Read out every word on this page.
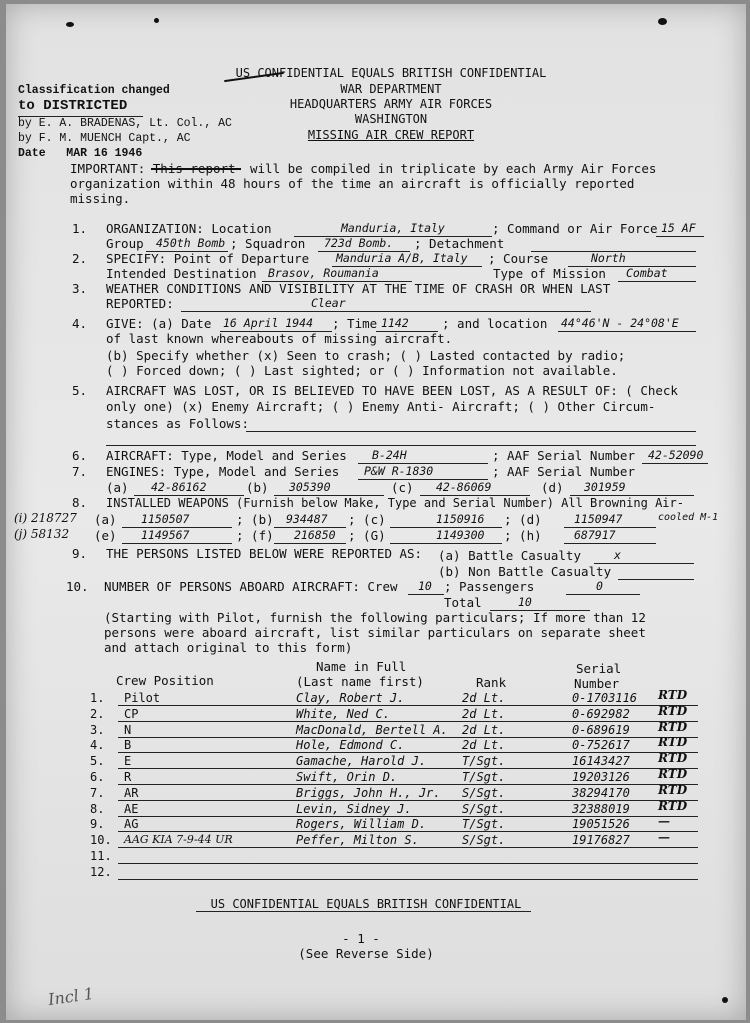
US CONFIDENTIAL EQUALS BRITISH CONFIDENTIAL
WAR DEPARTMENT
HEADQUARTERS ARMY AIR FORCES
WASHINGTON
MISSING AIR CREW REPORT
Classification changed
to DISTRICTED
by E. A. BRADENAS, Lt. Col., AC
by F. M. MUENCH Capt., AC
Date   MAR 16 1946
IMPORTANT: This report will be compiled in triplicate by each Army Air Forces
organization within 48 hours of the time an aircraft is officially reported
missing.
1. ORGANIZATION: Location	Manduria, Italy	; Command or Air Force 15 AF
Group 450th Bomb ; Squadron 723d Bomb. ; Detachment
2. SPECIFY: Point of Departure Manduria A/B, Italy ; Course	North
Intended Destination Brasov, Roumania	Type of Mission Combat
3. WEATHER CONDITIONS AND VISIBILITY AT THE TIME OF CRASH OR WHEN LAST
REPORTED:	Clear
4. GIVE: (a) Date 16 April 1944 ; Time 1142	; and location 44°46'N - 24°08'E
of last known whereabouts of missing aircraft.
(b) Specify whether (x) Seen to crash; ( ) Lasted contacted by radio;
( ) Forced down; ( ) Last sighted; or ( ) Information not available.
5. AIRCRAFT WAS LOST, OR IS BELIEVED TO HAVE BEEN LOST, AS A RESULT OF: ( Check
only one) (x) Enemy Aircraft; ( ) Enemy Anti- Aircraft; ( ) Other Circum-
stances as Follows:
6. AIRCRAFT: Type, Model and Series B-24H	; AAF Serial Number 42-52090
7. ENGINES: Type, Model and Series P&W R-1830	; AAF Serial Number
(a) 42-86162	(b) 305390	(c) 42-86069	(d) 301959
8. INSTALLED WEAPONS (Furnish below Make, Type and Serial Number) All Browning Air-
cooled M-1
(i) 218727
(j) 58132
(a) 1150507	; (b) 934487 ; (c)	1150916 ; (d)	1150947
(e) 1149567	; (f) 216850 ; (G)	1149300 ; (h)	687917
9. THE PERSONS LISTED BELOW WERE REPORTED AS: (a) Battle Casualty	x
(b) Non Battle Casualty
10. NUMBER OF PERSONS ABOARD AIRCRAFT: Crew 10 ; Passengers	0
Total	10
(Starting with Pilot, furnish the following particulars; If more than 12
persons were aboard aircraft, list similar particulars on separate sheet
and attach original to this form)
Crew Position
Name in Full
(Last name first)	Rank
Serial
Number
1. Pilot	Clay, Robert J.	2d Lt.	0-1703116 RTD
2. CP	White, Ned C.	2d Lt.	0-692982 RTD
3. N	MacDonald, Bertell A. 2d Lt.	0-689619 RTD
4. B	Hole, Edmond C.	2d Lt.	0-752617 RTD
5. E	Gamache, Harold J.	T/Sgt.	16143427 RTD
6. R	Swift, Orin D.	T/Sgt.	19203126 RTD
7. AR	Briggs, John H., Jr. S/Sgt.	38294170 RTD
8. AE	Levin, Sidney J.	S/Sgt.	32388019 RTD
9. AG	Rogers, William D.	T/Sgt.	19051526 —
10. AAG KIA 7-9-44 UR	Peffer, Milton S.	S/Sgt.	19176827 —
11.
12.
US CONFIDENTIAL EQUALS BRITISH CONFIDENTIAL
- 1 -
(See Reverse Side)
Incl 1
